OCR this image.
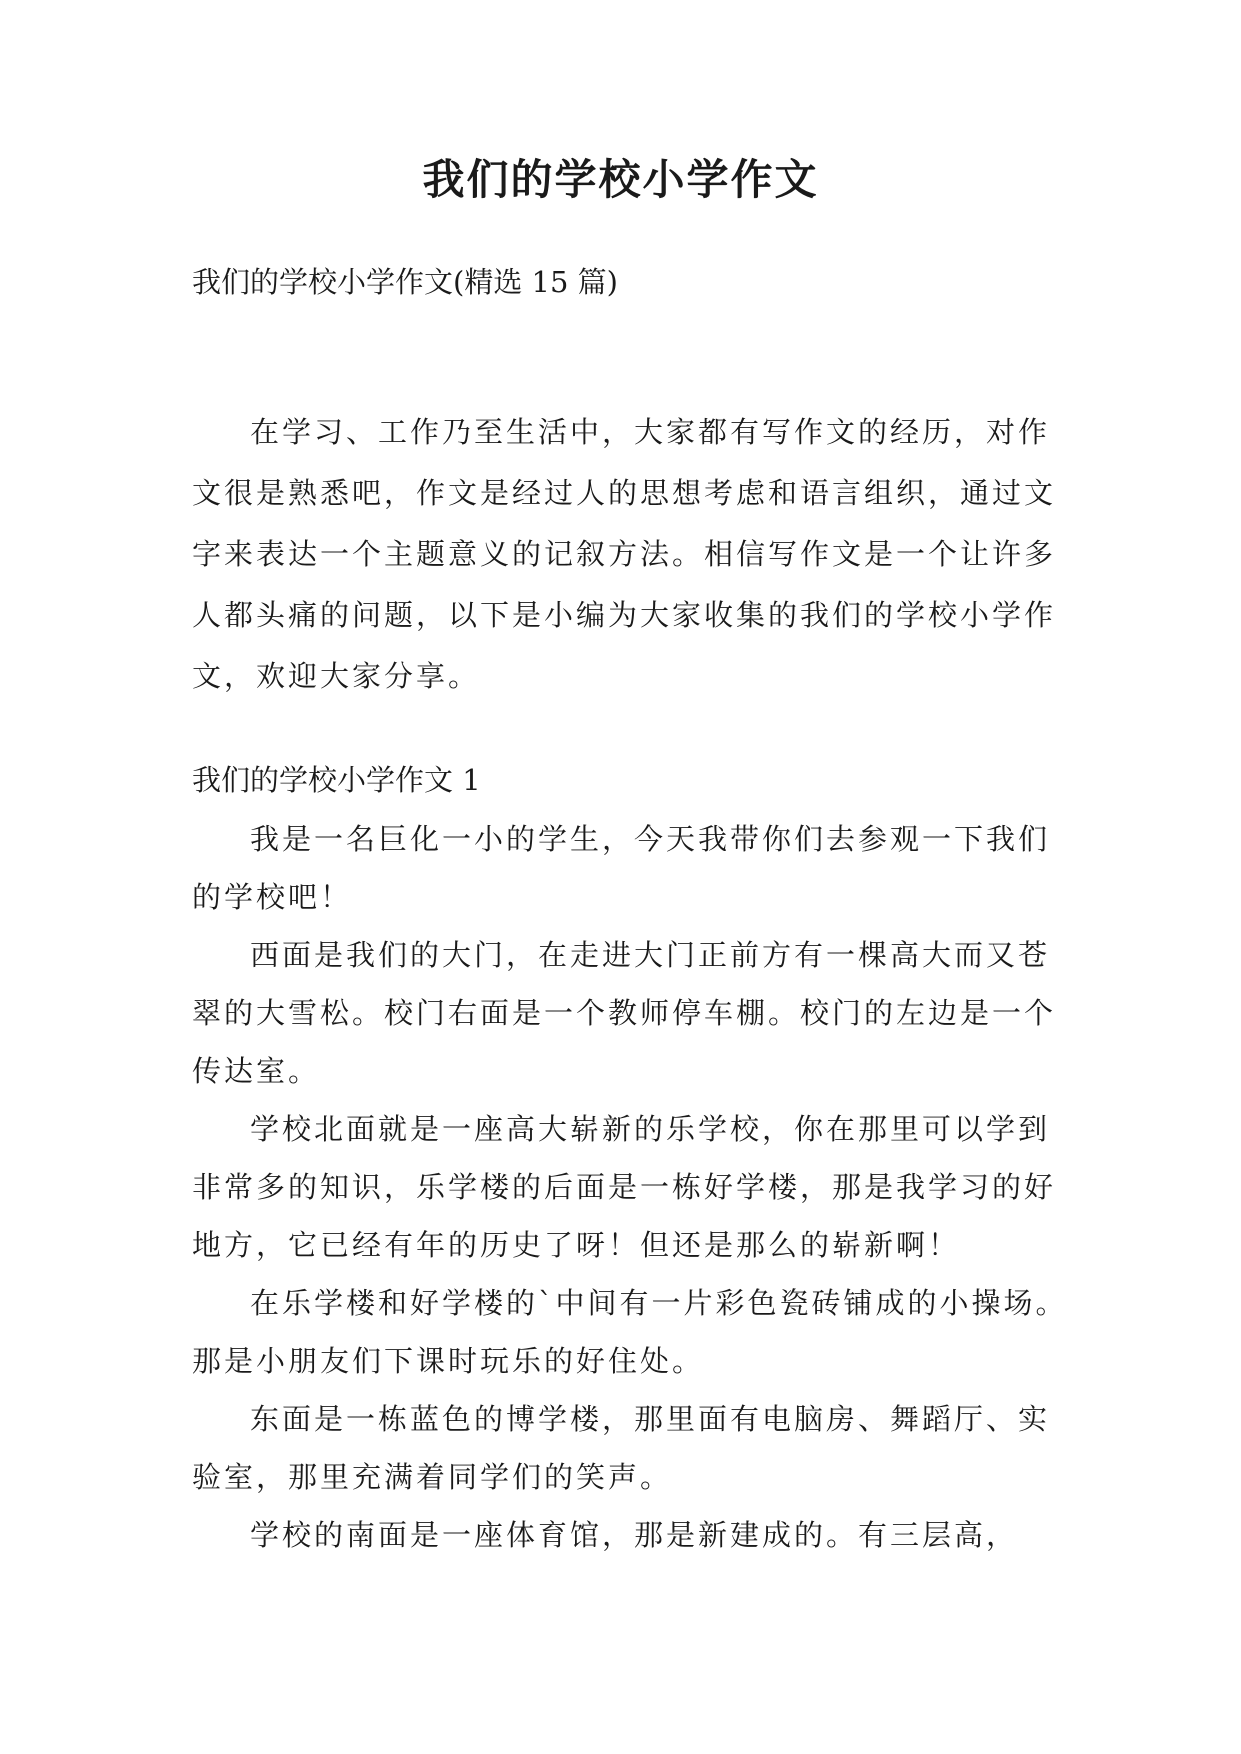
我们的学校小学作文
我们的学校小学作文(精选 15 篇)
在学习、工作乃至生活中，大家都有写作文的经历，对作文很是熟悉吧，作文是经过人的思想考虑和语言组织，通过文字来表达一个主题意义的记叙方法。相信写作文是一个让许多人都头痛的问题，以下是小编为大家收集的我们的学校小学作文，欢迎大家分享。
我们的学校小学作文 1

我是一名巨化一小的学生，今天我带你们去参观一下我们的学校吧！

西面是我们的大门，在走进大门正前方有一棵高大而又苍翠的大雪松。校门右面是一个教师停车棚。校门的左边是一个传达室。

学校北面就是一座高大崭新的乐学校，你在那里可以学到非常多的知识，乐学楼的后面是一栋好学楼，那是我学习的好地方，它已经有年的历史了呀！但还是那么的崭新啊！

在乐学楼和好学楼的`中间有一片彩色瓷砖铺成的小操场。那是小朋友们下课时玩乐的好住处。

东面是一栋蓝色的博学楼，那里面有电脑房、舞蹈厅、实验室，那里充满着同学们的笑声。

学校的南面是一座体育馆，那是新建成的。有三层高，
